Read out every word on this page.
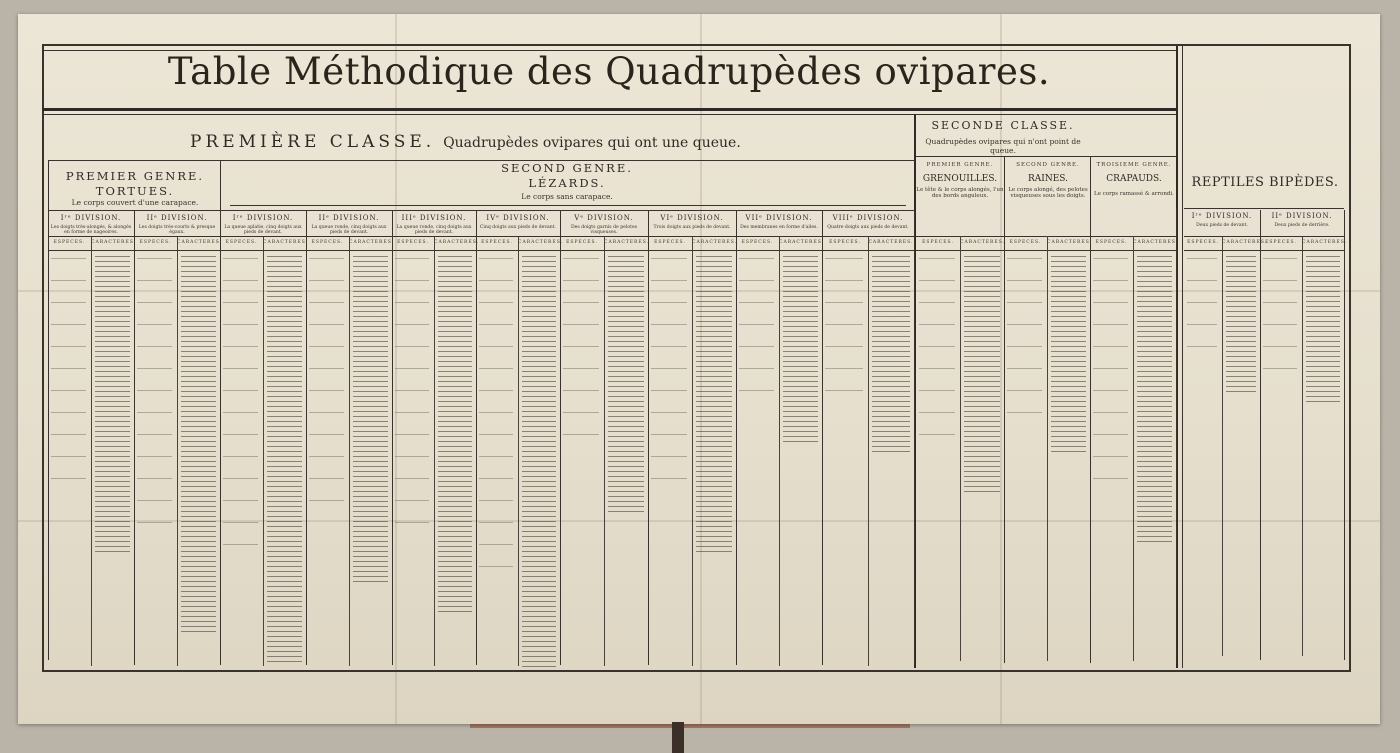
Table Méthodique des Quadrupèdes ovipares.
PREMIÈRE CLASSE. Quadrupèdes ovipares qui ont une queue.
SECONDE CLASSE.
Quadrupèdes ovipares qui n'ont point de queue.
REPTILES BIPÈDES.
PREMIER GENRE.
TORTUES.
Le corps couvert d'une carapace.
SECOND GENRE.
LÉZARDS.
Le corps sans carapace.
PREMIER GENRE.
GRENOUILLES.
Le tête & le corps alongés, l'un des bords anguleux.
SECOND GENRE.
RAINES.
Le corps alongé, des pelotes visqueuses sous les doigts.
TROISIEME GENRE.
CRAPAUDS.
Le corps ramassé & arrondi.
Iʳᵉ DIVISION.
Les doigts très-alongés, & alongés en forme de nageoires.
ESPECES.	CARACTERES.
IIᵉ DIVISION.
Les doigts très-courts & presque égaux.
ESPECES.	CARACTERES.
Iʳᵉ DIVISION.
La queue aplatie, cinq doigts aux pieds de devant.
ESPECES.	CARACTERES.
IIᵉ DIVISION.
La queue ronde, cinq doigts aux pieds de devant.
ESPECES.	CARACTERES.
IIIᵉ DIVISION.
La queue ronde, cinq doigts aux pieds de devant.
ESPECES.	CARACTERES.
IVᵉ DIVISION.
Cinq doigts aux pieds de devant.
ESPECES.	CARACTERES.
Vᵉ DIVISION.
Des doigts garnis de pelotes visqueuses.
ESPECES.	CARACTERES.
VIᵉ DIVISION.
Trois doigts aux pieds de devant.
ESPECES.	CARACTERES.
VIIᵉ DIVISION.
Des membranes en forme d'ailes.
ESPECES.	CARACTERES.
VIIIᵉ DIVISION.
Quatre doigts aux pieds de devant.
ESPECES.	CARACTERES.
Iʳᵉ DIVISION.
Deux pieds de devant.
ESPECES. CARACTERES.
IIᵉ DIVISION.
Deux pieds de derrière.
ESPECES.	CARACTERES.
ESPECES.	CARACTERES.	ESPECES.	CARACTERES. ESPECES.	CARACTERES.
